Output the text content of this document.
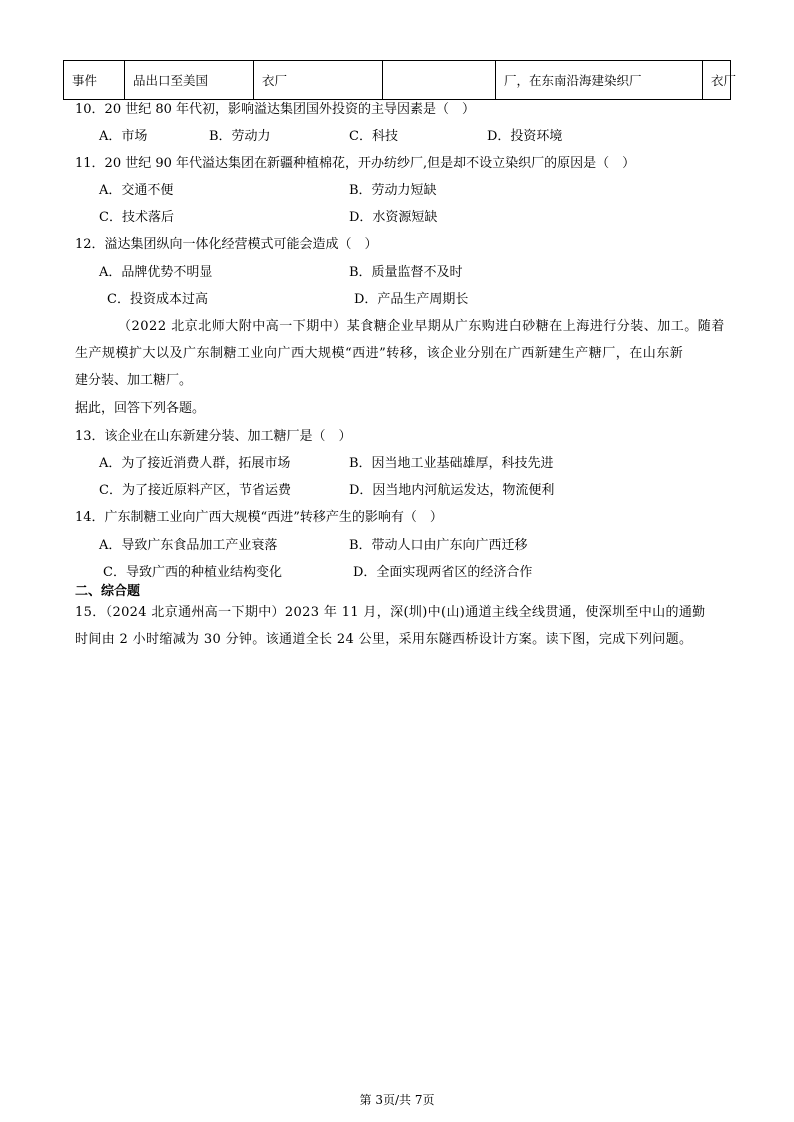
事件	品出口至美国	衣厂		厂，在东南沿海建染织厂	衣厂
10．20 世纪 80 年代初，影响溢达集团国外投资的主导因素是（　）
A．市场	B．劳动力	C．科技	D．投资环境
11．20 世纪 90 年代溢达集团在新疆种植棉花，开办纺纱厂,但是却不设立染织厂的原因是（　）
A．交通不便	B．劳动力短缺
C．技术落后	D．水资源短缺
12．溢达集团纵向一体化经营模式可能会造成（　）
A．品牌优势不明显	B．质量监督不及时
C．投资成本过高	D．产品生产周期长
（2022 北京北师大附中高一下期中）某食糖企业早期从广东购进白砂糖在上海进行分装、加工。随着
生产规模扩大以及广东制糖工业向广西大规模“西进”转移，该企业分别在广西新建生产糖厂，在山东新
建分装、加工糖厂。
据此，回答下列各题。
13．该企业在山东新建分装、加工糖厂是（　）
A．为了接近消费人群，拓展市场	B．因当地工业基础雄厚，科技先进
C．为了接近原料产区，节省运费	D．因当地内河航运发达，物流便利
14．广东制糖工业向广西大规模“西进”转移产生的影响有（　）
A．导致广东食品加工产业衰落	B．带动人口由广东向广西迁移
C．导致广西的种植业结构变化	D．全面实现两省区的经济合作
二、综合题
15．（2024 北京通州高一下期中）2023 年 11 月，深(圳)中(山)通道主线全线贯通，使深圳至中山的通勤
时间由 2 小时缩减为 30 分钟。该通道全长 24 公里，采用东隧西桥设计方案。读下图，完成下列问题。
第 3页/共 7页
